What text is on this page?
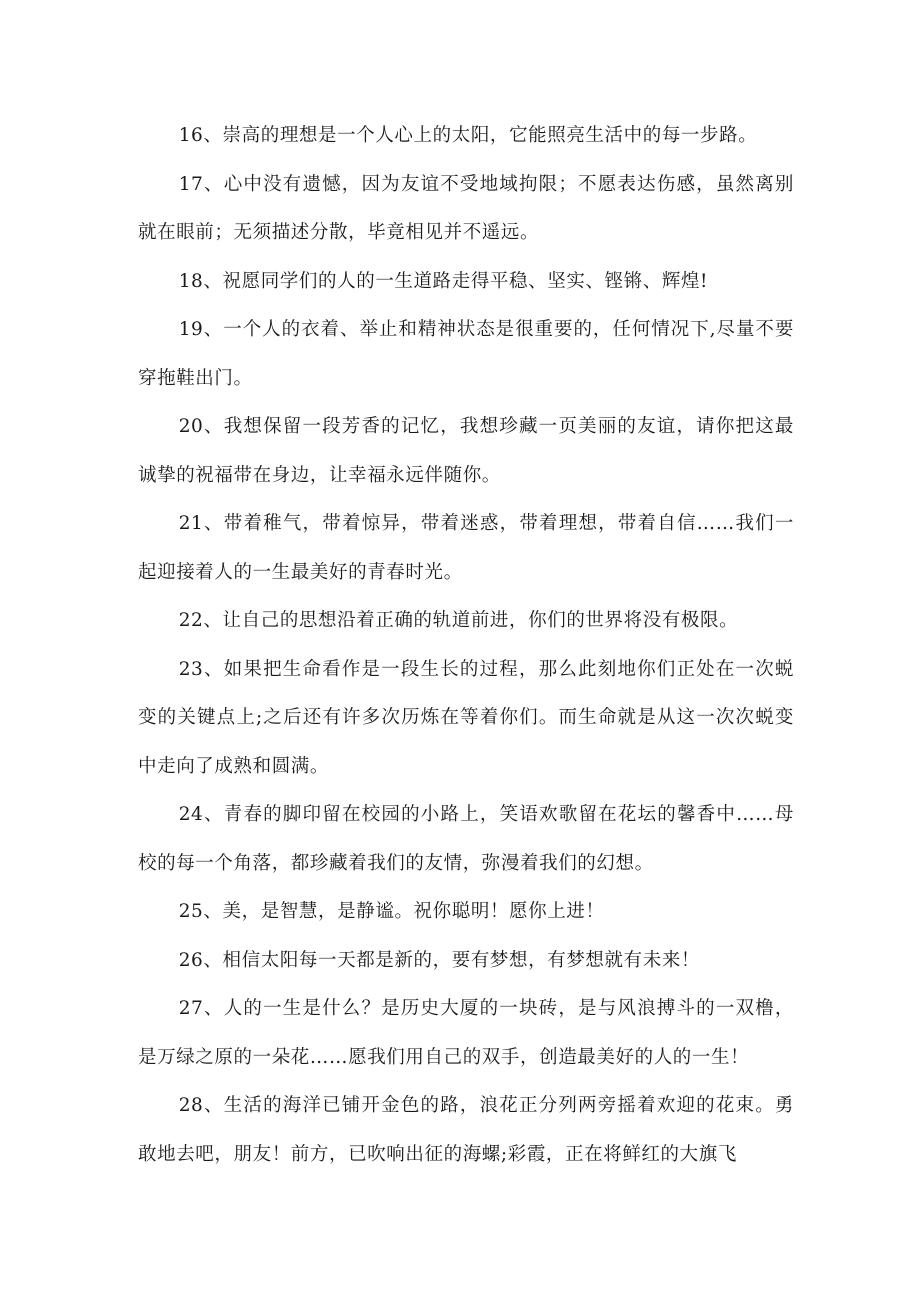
16、崇高的理想是一个人心上的太阳，它能照亮生活中的每一步路。

17、心中没有遗憾，因为友谊不受地域拘限；不愿表达伤感，虽然离别就在眼前；无须描述分散，毕竟相见并不遥远。

18、祝愿同学们的人的一生道路走得平稳、坚实、铿锵、辉煌!

19、一个人的衣着、举止和精神状态是很重要的，任何情况下,尽量不要穿拖鞋出门。

20、我想保留一段芳香的记忆，我想珍藏一页美丽的友谊，请你把这最诚挚的祝福带在身边，让幸福永远伴随你。

21、带着稚气，带着惊异，带着迷惑，带着理想，带着自信……我们一起迎接着人的一生最美好的青春时光。

22、让自己的思想沿着正确的轨道前进，你们的世界将没有极限。

23、如果把生命看作是一段生长的过程，那么此刻地你们正处在一次蜕变的关键点上;之后还有许多次历炼在等着你们。而生命就是从这一次次蜕变中走向了成熟和圆满。

24、青春的脚印留在校园的小路上，笑语欢歌留在花坛的馨香中……母校的每一个角落，都珍藏着我们的友情，弥漫着我们的幻想。

25、美，是智慧，是静谧。祝你聪明！愿你上进！

26、相信太阳每一天都是新的，要有梦想，有梦想就有未来！

27、人的一生是什么？是历史大厦的一块砖，是与风浪搏斗的一双橹，是万绿之原的一朵花……愿我们用自己的双手，创造最美好的人的一生！

28、生活的海洋已铺开金色的路，浪花正分列两旁摇着欢迎的花束。勇敢地去吧，朋友！前方，已吹响出征的海螺;彩霞，正在将鲜红的大旗飞
